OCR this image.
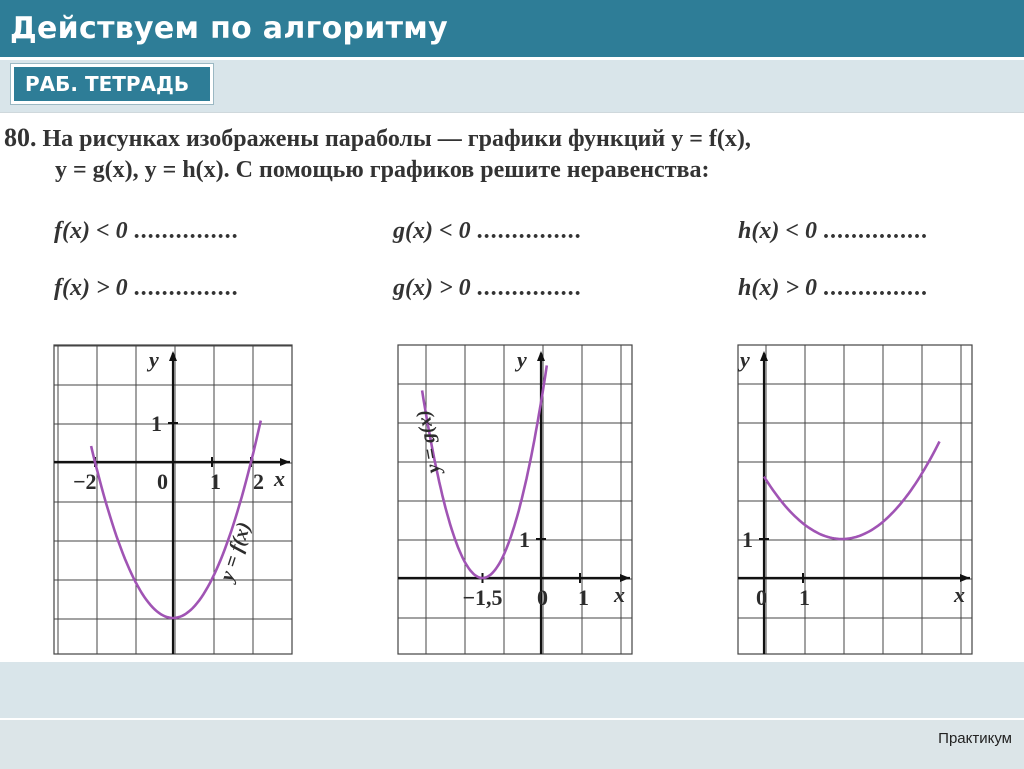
Действуем по алгоритму
РАБ. ТЕТРАДЬ
80. На рисунках изображены параболы — графики функций y = f(x),
y = g(x), y = h(x). С помощью графиков решите неравенства:
f(x) < 0 ...............
f(x) > 0 ...............
g(x) < 0 ...............
g(x) > 0 ...............
h(x) < 0 ...............
h(x) > 0 ...............
x
y
1
−2	0 1 2
y = f(x)
x
y
1
−1,5 0 1
y = g(x)
x
y
1
0 1
Практикум
